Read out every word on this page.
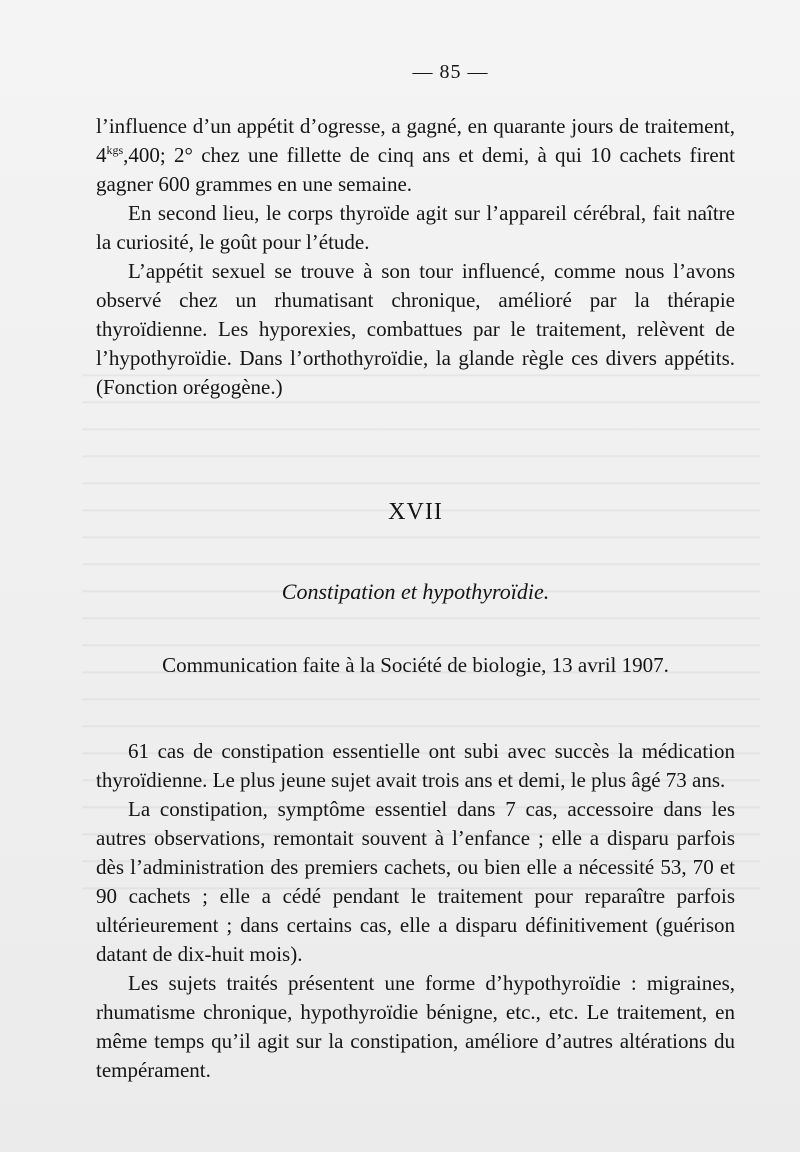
— 85 —

l’influence d’un appétit d’ogresse, a gagné, en quarante jours de traitement, $4^{kgs},400$; 2° chez une fillette de cinq ans et demi, à qui 10 cachets firent gagner 600 grammes en une semaine.

En second lieu, le corps thyroïde agit sur l’appareil cérébral, fait naître la curiosité, le goût pour l’étude.

L’appétit sexuel se trouve à son tour influencé, comme nous l’avons observé chez un rhumatisant chronique, amélioré par la thérapie thyroïdienne. Les hyporexies, combattues par le traitement, relèvent de l’hypothyroïdie. Dans l’orthothyroïdie, la glande règle ces divers appétits. (Fonction orégogène.)

XVII
Constipation et hypothyroïdie.
Communication faite à la Société de biologie, 13 avril 1907.

61 cas de constipation essentielle ont subi avec succès la médication thyroïdienne. Le plus jeune sujet avait trois ans et demi, le plus âgé 73 ans.

La constipation, symptôme essentiel dans 7 cas, accessoire dans les autres observations, remontait souvent à l’enfance ; elle a disparu parfois dès l’administration des premiers cachets, ou bien elle a nécessité 53, 70 et 90 cachets ; elle a cédé pendant le traitement pour reparaître parfois ultérieurement ; dans certains cas, elle a disparu définitivement (guérison datant de dix-huit mois).

Les sujets traités présentent une forme d’hypothyroïdie : migraines, rhumatisme chronique, hypothyroïdie bénigne, etc., etc. Le traitement, en même temps qu’il agit sur la constipation, améliore d’autres altérations du tempérament.
